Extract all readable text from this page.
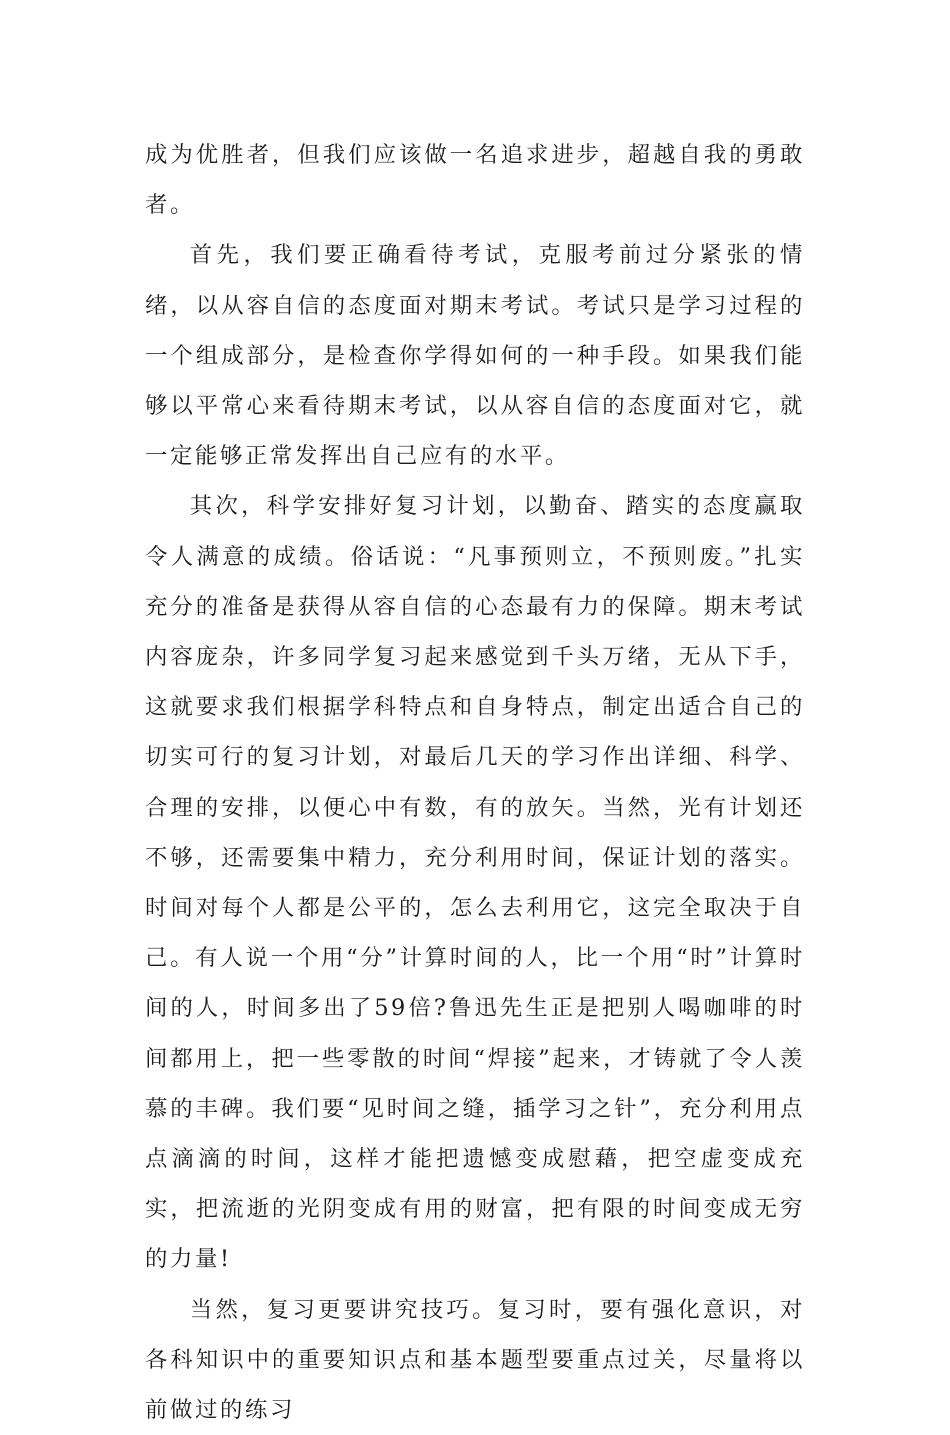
成为优胜者，但我们应该做一名追求进步，超越自我的勇敢者。

首先，我们要正确看待考试，克服考前过分紧张的情绪，以从容自信的态度面对期末考试。考试只是学习过程的一个组成部分，是检查你学得如何的一种手段。如果我们能够以平常心来看待期末考试，以从容自信的态度面对它，就一定能够正常发挥出自己应有的水平。

其次，科学安排好复习计划，以勤奋、踏实的态度赢取令人满意的成绩。俗话说：“凡事预则立，不预则废。”扎实充分的准备是获得从容自信的心态最有力的保障。期末考试内容庞杂，许多同学复习起来感觉到千头万绪，无从下手，这就要求我们根据学科特点和自身特点，制定出适合自己的切实可行的复习计划，对最后几天的学习作出详细、科学、合理的安排，以便心中有数，有的放矢。当然，光有计划还不够，还需要集中精力，充分利用时间，保证计划的落实。时间对每个人都是公平的，怎么去利用它，这完全取决于自己。有人说一个用“分”计算时间的人，比一个用“时”计算时间的人，时间多出了59倍?鲁迅先生正是把别人喝咖啡的时间都用上，把一些零散的时间“焊接”起来，才铸就了令人羡慕的丰碑。我们要“见时间之缝，插学习之针”，充分利用点点滴滴的时间，这样才能把遗憾变成慰藉，把空虚变成充实，把流逝的光阴变成有用的财富，把有限的时间变成无穷的力量!

当然，复习更要讲究技巧。复习时，要有强化意识，对各科知识中的重要知识点和基本题型要重点过关，尽量将以前做过的练习
